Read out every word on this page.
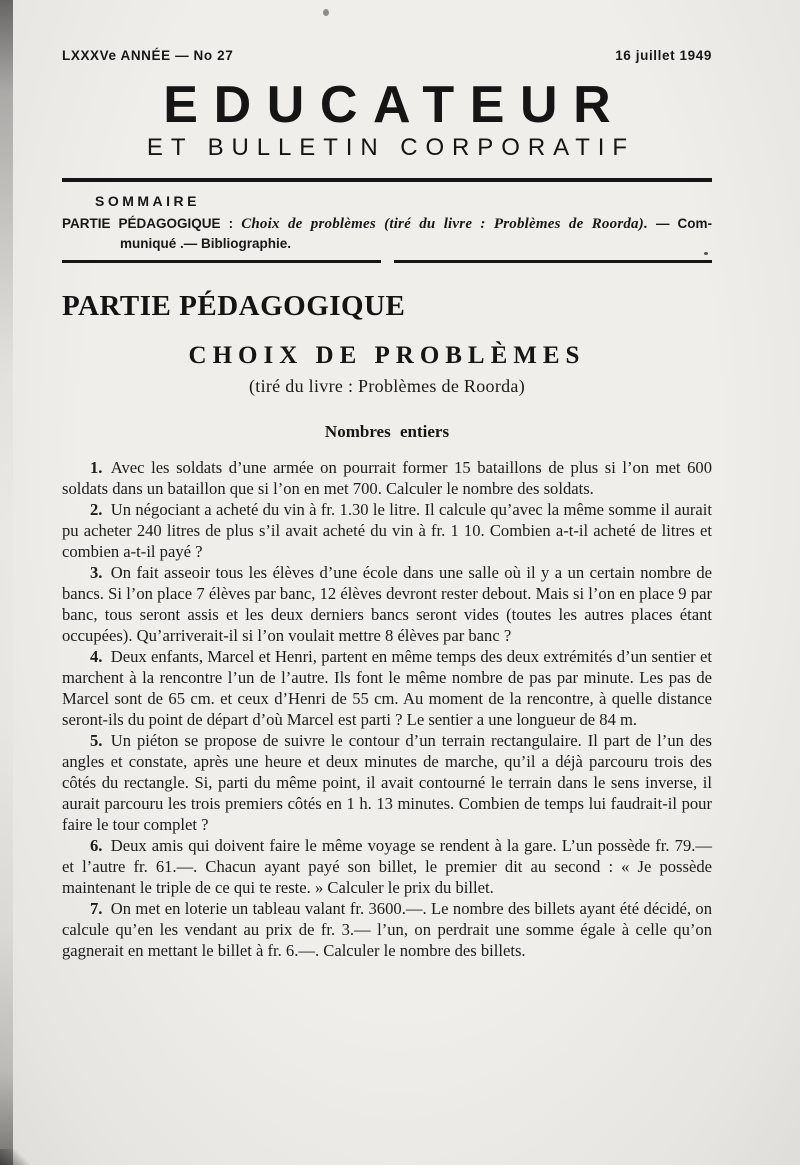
LXXXVe ANNÉE — No 27	16 juillet 1949
EDUCATEUR
ET BULLETIN CORPORATIF
SOMMAIRE
PARTIE PÉDAGOGIQUE : Choix de problèmes (tiré du livre : Problèmes de Roorda). — Com-
muniqué .— Bibliographie.
PARTIE PÉDAGOGIQUE
CHOIX DE PROBLÈMES
(tiré du livre : Problèmes de Roorda)
Nombres entiers

1. Avec les soldats d’une armée on pourrait former 15 bataillons de plus si l’on met 600 soldats dans un bataillon que si l’on en met 700. Calculer le nombre des soldats.

2. Un négociant a acheté du vin à fr. 1.30 le litre. Il calcule qu’avec la même somme il aurait pu acheter 240 litres de plus s’il avait acheté du vin à fr. 1 10. Combien a-t-il acheté de litres et combien a-t-il payé ?

3. On fait asseoir tous les élèves d’une école dans une salle où il y a un certain nombre de bancs. Si l’on place 7 élèves par banc, 12 élèves devront rester debout. Mais si l’on en place 9 par banc, tous seront assis et les deux derniers bancs seront vides (toutes les autres places étant occupées). Qu’arriverait-il si l’on voulait mettre 8 élèves par banc ?

4. Deux enfants, Marcel et Henri, partent en même temps des deux extrémités d’un sentier et marchent à la rencontre l’un de l’autre. Ils font le même nombre de pas par minute. Les pas de Marcel sont de 65 cm. et ceux d’Henri de 55 cm. Au moment de la rencontre, à quelle distance seront-ils du point de départ d’où Marcel est parti ? Le sentier a une longueur de 84 m.

5. Un piéton se propose de suivre le contour d’un terrain rectangulaire. Il part de l’un des angles et constate, après une heure et deux minutes de marche, qu’il a déjà parcouru trois des côtés du rectangle. Si, parti du même point, il avait contourné le terrain dans le sens inverse, il aurait parcouru les trois premiers côtés en 1 h. 13 minutes. Combien de temps lui faudrait-il pour faire le tour complet ?

6. Deux amis qui doivent faire le même voyage se rendent à la gare. L’un possède fr. 79.— et l’autre fr. 61.—. Chacun ayant payé son billet, le premier dit au second : « Je possède maintenant le triple de ce qui te reste. » Calculer le prix du billet.

7. On met en loterie un tableau valant fr. 3600.—. Le nombre des billets ayant été décidé, on calcule qu’en les vendant au prix de fr. 3.— l’un, on perdrait une somme égale à celle qu’on gagnerait en mettant le billet à fr. 6.—. Calculer le nombre des billets.
